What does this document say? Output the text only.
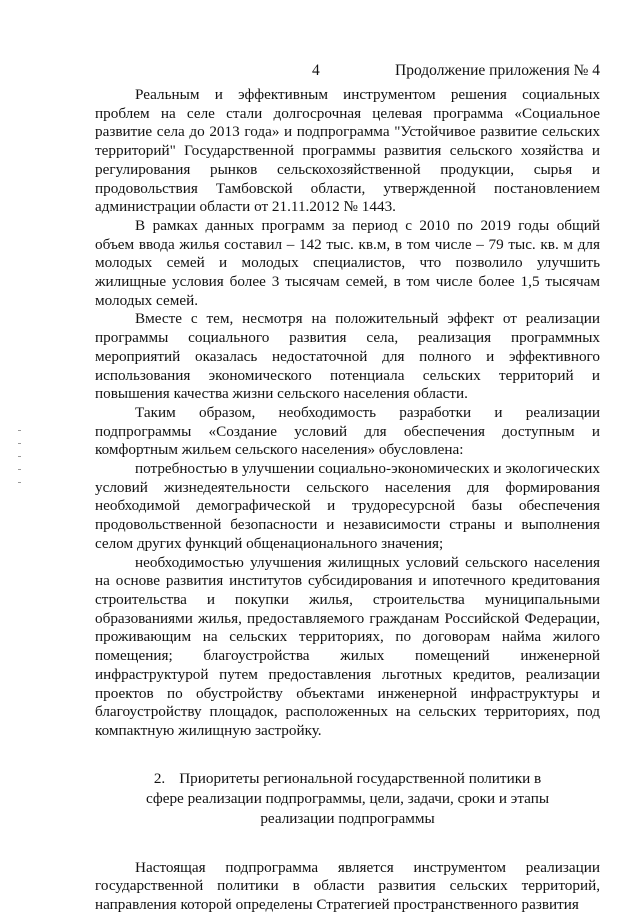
4	Продолжение приложения № 4

Реальным и эффективным инструментом решения социальных проблем на селе стали долгосрочная целевая программа «Социальное развитие села до 2013 года» и подпрограмма "Устойчивое развитие сельских территорий" Государственной программы развития сельского хозяйства и регулирования рынков сельскохозяйственной продукции, сырья и продовольствия Тамбовской области, утвержденной постановлением администрации области от 21.11.2012 № 1443.

В рамках данных программ за период с 2010 по 2019 годы общий объем ввода жилья составил – 142 тыс. кв.м, в том числе – 79 тыс. кв. м для молодых семей и молодых специалистов, что позволило улучшить жилищные условия более 3 тысячам семей, в том числе более 1,5 тысячам молодых семей.

Вместе с тем, несмотря на положительный эффект от реализации программы социального развития села, реализация программных мероприятий оказалась недостаточной для полного и эффективного использования экономического потенциала сельских территорий и повышения качества жизни сельского населения области.

Таким образом, необходимость разработки и реализации подпрограммы «Создание условий для обеспечения доступным и комфортным жильем сельского населения» обусловлена:

потребностью в улучшении социально-экономических и экологических условий жизнедеятельности сельского населения для формирования необходимой демографической и трудоресурсной базы обеспечения продовольственной безопасности и независимости страны и выполнения селом других функций общенационального значения;

необходимостью улучшения жилищных условий сельского населения на основе развития институтов субсидирования и ипотечного кредитования строительства и покупки жилья, строительства муниципальными образованиями жилья, предоставляемого гражданам Российской Федерации, проживающим на сельских территориях, по договорам найма жилого помещения; благоустройства жилых помещений инженерной инфраструктурой путем предоставления льготных кредитов, реализации проектов по обустройству объектами инженерной инфраструктуры и благоустройству площадок, расположенных на сельских территориях, под компактную жилищную застройку.

2. Приоритеты региональной государственной политики в
сфере реализации подпрограммы, цели, задачи, сроки и этапы
реализации подпрограммы

Настоящая подпрограмма является инструментом реализации государственной политики в области развития сельских территорий, направления которой определены Стратегией пространственного развития
